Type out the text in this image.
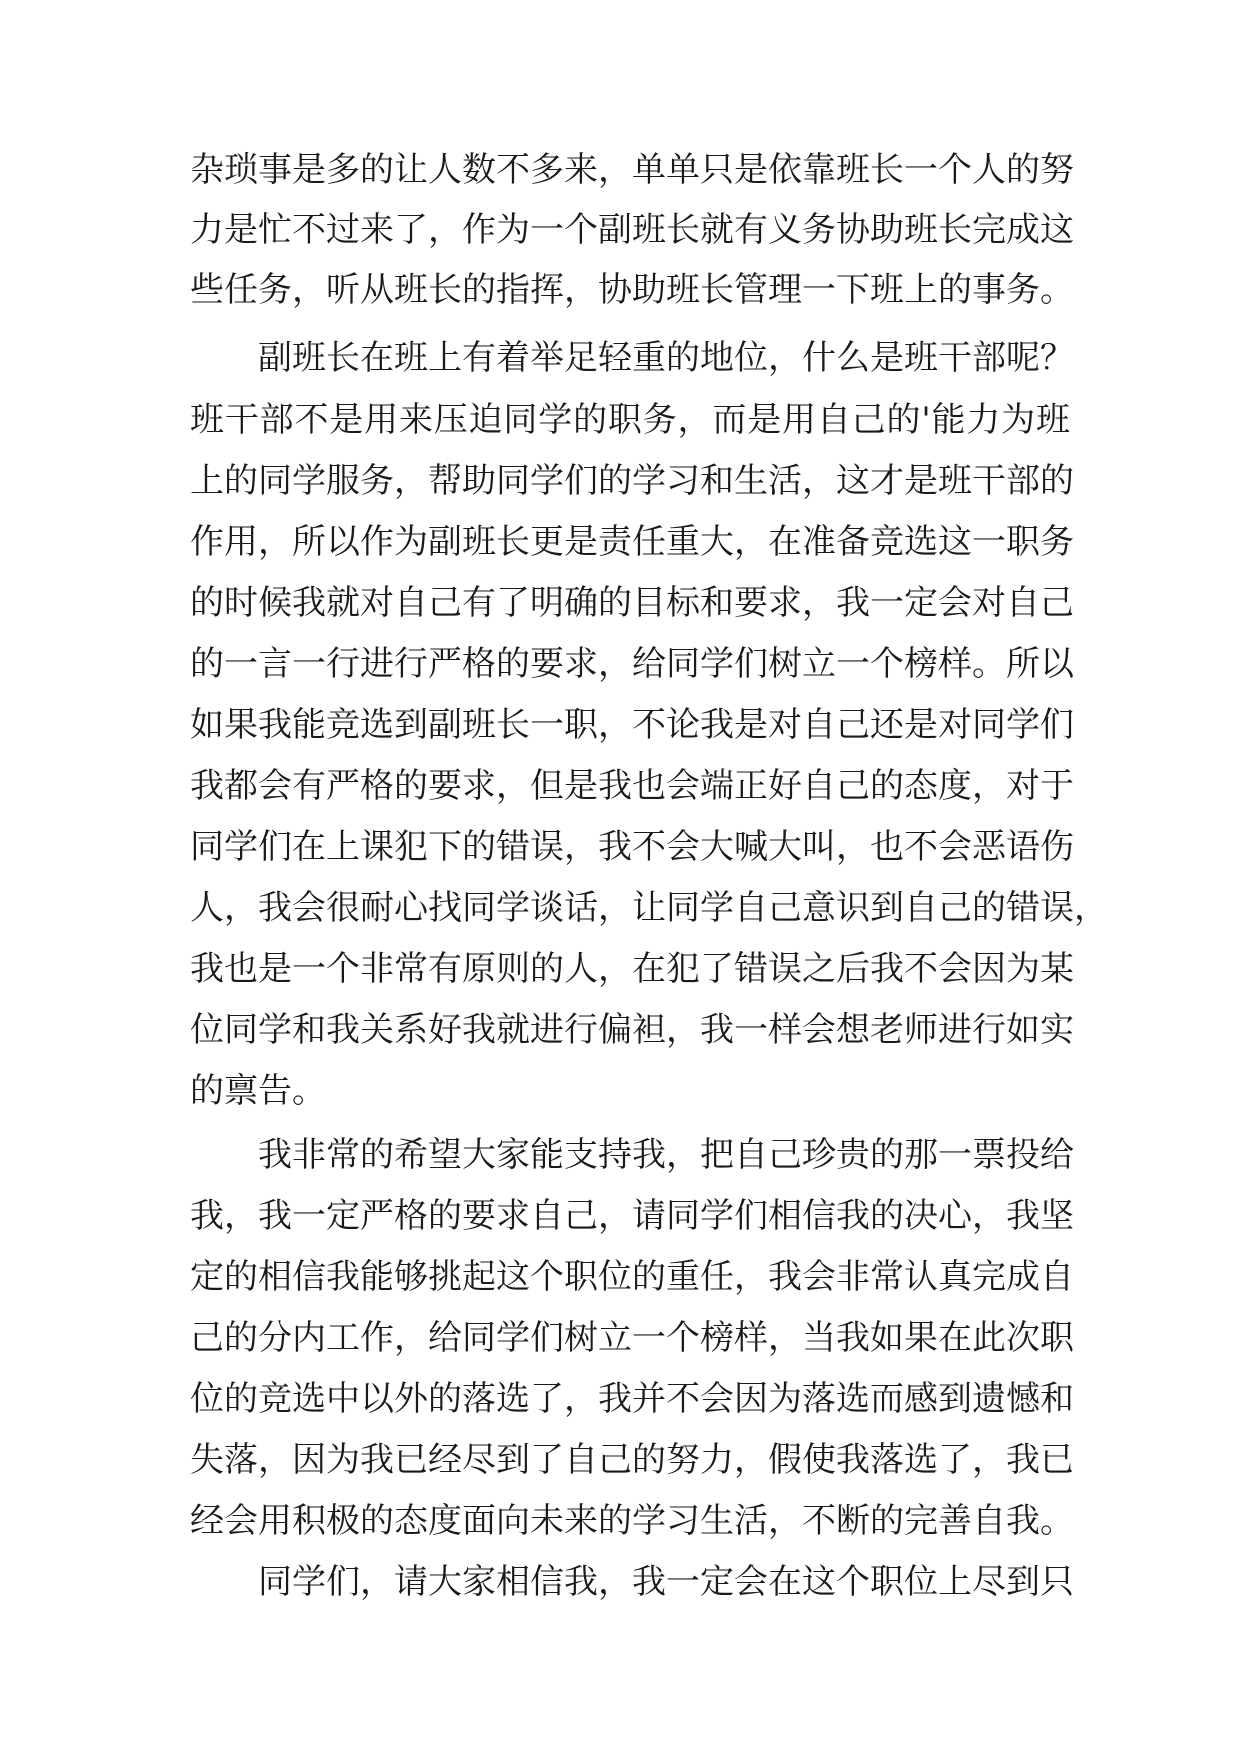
杂琐事是多的让人数不多来，单单只是依靠班长一个人的努
力是忙不过来了，作为一个副班长就有义务协助班长完成这
些任务，听从班长的指挥，协助班长管理一下班上的事务。
副班长在班上有着举足轻重的地位，什么是班干部呢？
班干部不是用来压迫同学的职务，而是用自己的'能力为班
上的同学服务，帮助同学们的学习和生活，这才是班干部的
作用，所以作为副班长更是责任重大，在准备竞选这一职务
的时候我就对自己有了明确的目标和要求，我一定会对自己
的一言一行进行严格的要求，给同学们树立一个榜样。所以
如果我能竞选到副班长一职，不论我是对自己还是对同学们
我都会有严格的要求，但是我也会端正好自己的态度，对于
同学们在上课犯下的错误，我不会大喊大叫，也不会恶语伤
人，我会很耐心找同学谈话，让同学自己意识到自己的错误，
我也是一个非常有原则的人，在犯了错误之后我不会因为某
位同学和我关系好我就进行偏袒，我一样会想老师进行如实
的禀告。
我非常的希望大家能支持我，把自己珍贵的那一票投给
我，我一定严格的要求自己，请同学们相信我的决心，我坚
定的相信我能够挑起这个职位的重任，我会非常认真完成自
己的分内工作，给同学们树立一个榜样，当我如果在此次职
位的竞选中以外的落选了，我并不会因为落选而感到遗憾和
失落，因为我已经尽到了自己的努力，假使我落选了，我已
经会用积极的态度面向未来的学习生活，不断的完善自我。
同学们，请大家相信我，我一定会在这个职位上尽到只
